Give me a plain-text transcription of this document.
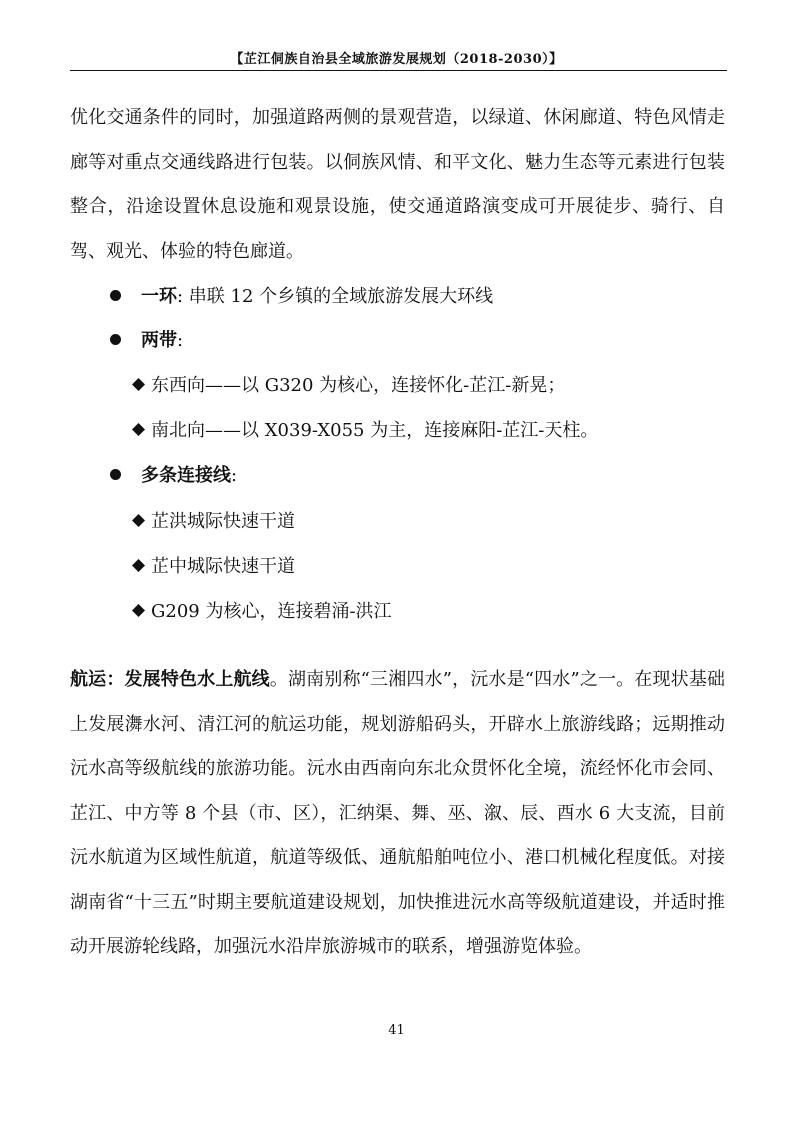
【芷江侗族自治县全域旅游发展规划（2018-2030）】
优化交通条件的同时，加强道路两侧的景观营造，以绿道、休闲廊道、特色风情走廊等对重点交通线路进行包装。以侗族风情、和平文化、魅力生态等元素进行包装整合，沿途设置休息设施和观景设施，使交通道路演变成可开展徒步、骑行、自驾、观光、体验的特色廊道。
一环: 串联 12 个乡镇的全域旅游发展大环线
两带:
东西向——以 G320 为核心，连接怀化-芷江-新晃；
南北向——以 X039-X055 为主，连接麻阳-芷江-天柱。
多条连接线:
芷洪城际快速干道
芷中城际快速干道
G209 为核心，连接碧涌-洪江
航运：发展特色水上航线。湖南别称“三湘四水”，沅水是“四水”之一。在现状基础上发展㵲水河、清江河的航运功能，规划游船码头，开辟水上旅游线路；远期推动沅水高等级航线的旅游功能。沅水由西南向东北众贯怀化全境，流经怀化市会同、芷江、中方等 8 个县（市、区），汇纳渠、舞、巫、溆、辰、酉水 6 大支流，目前沅水航道为区域性航道，航道等级低、通航船舶吨位小、港口机械化程度低。对接湖南省“十三五”时期主要航道建设规划，加快推进沅水高等级航道建设，并适时推动开展游轮线路，加强沅水沿岸旅游城市的联系，增强游览体验。
41
